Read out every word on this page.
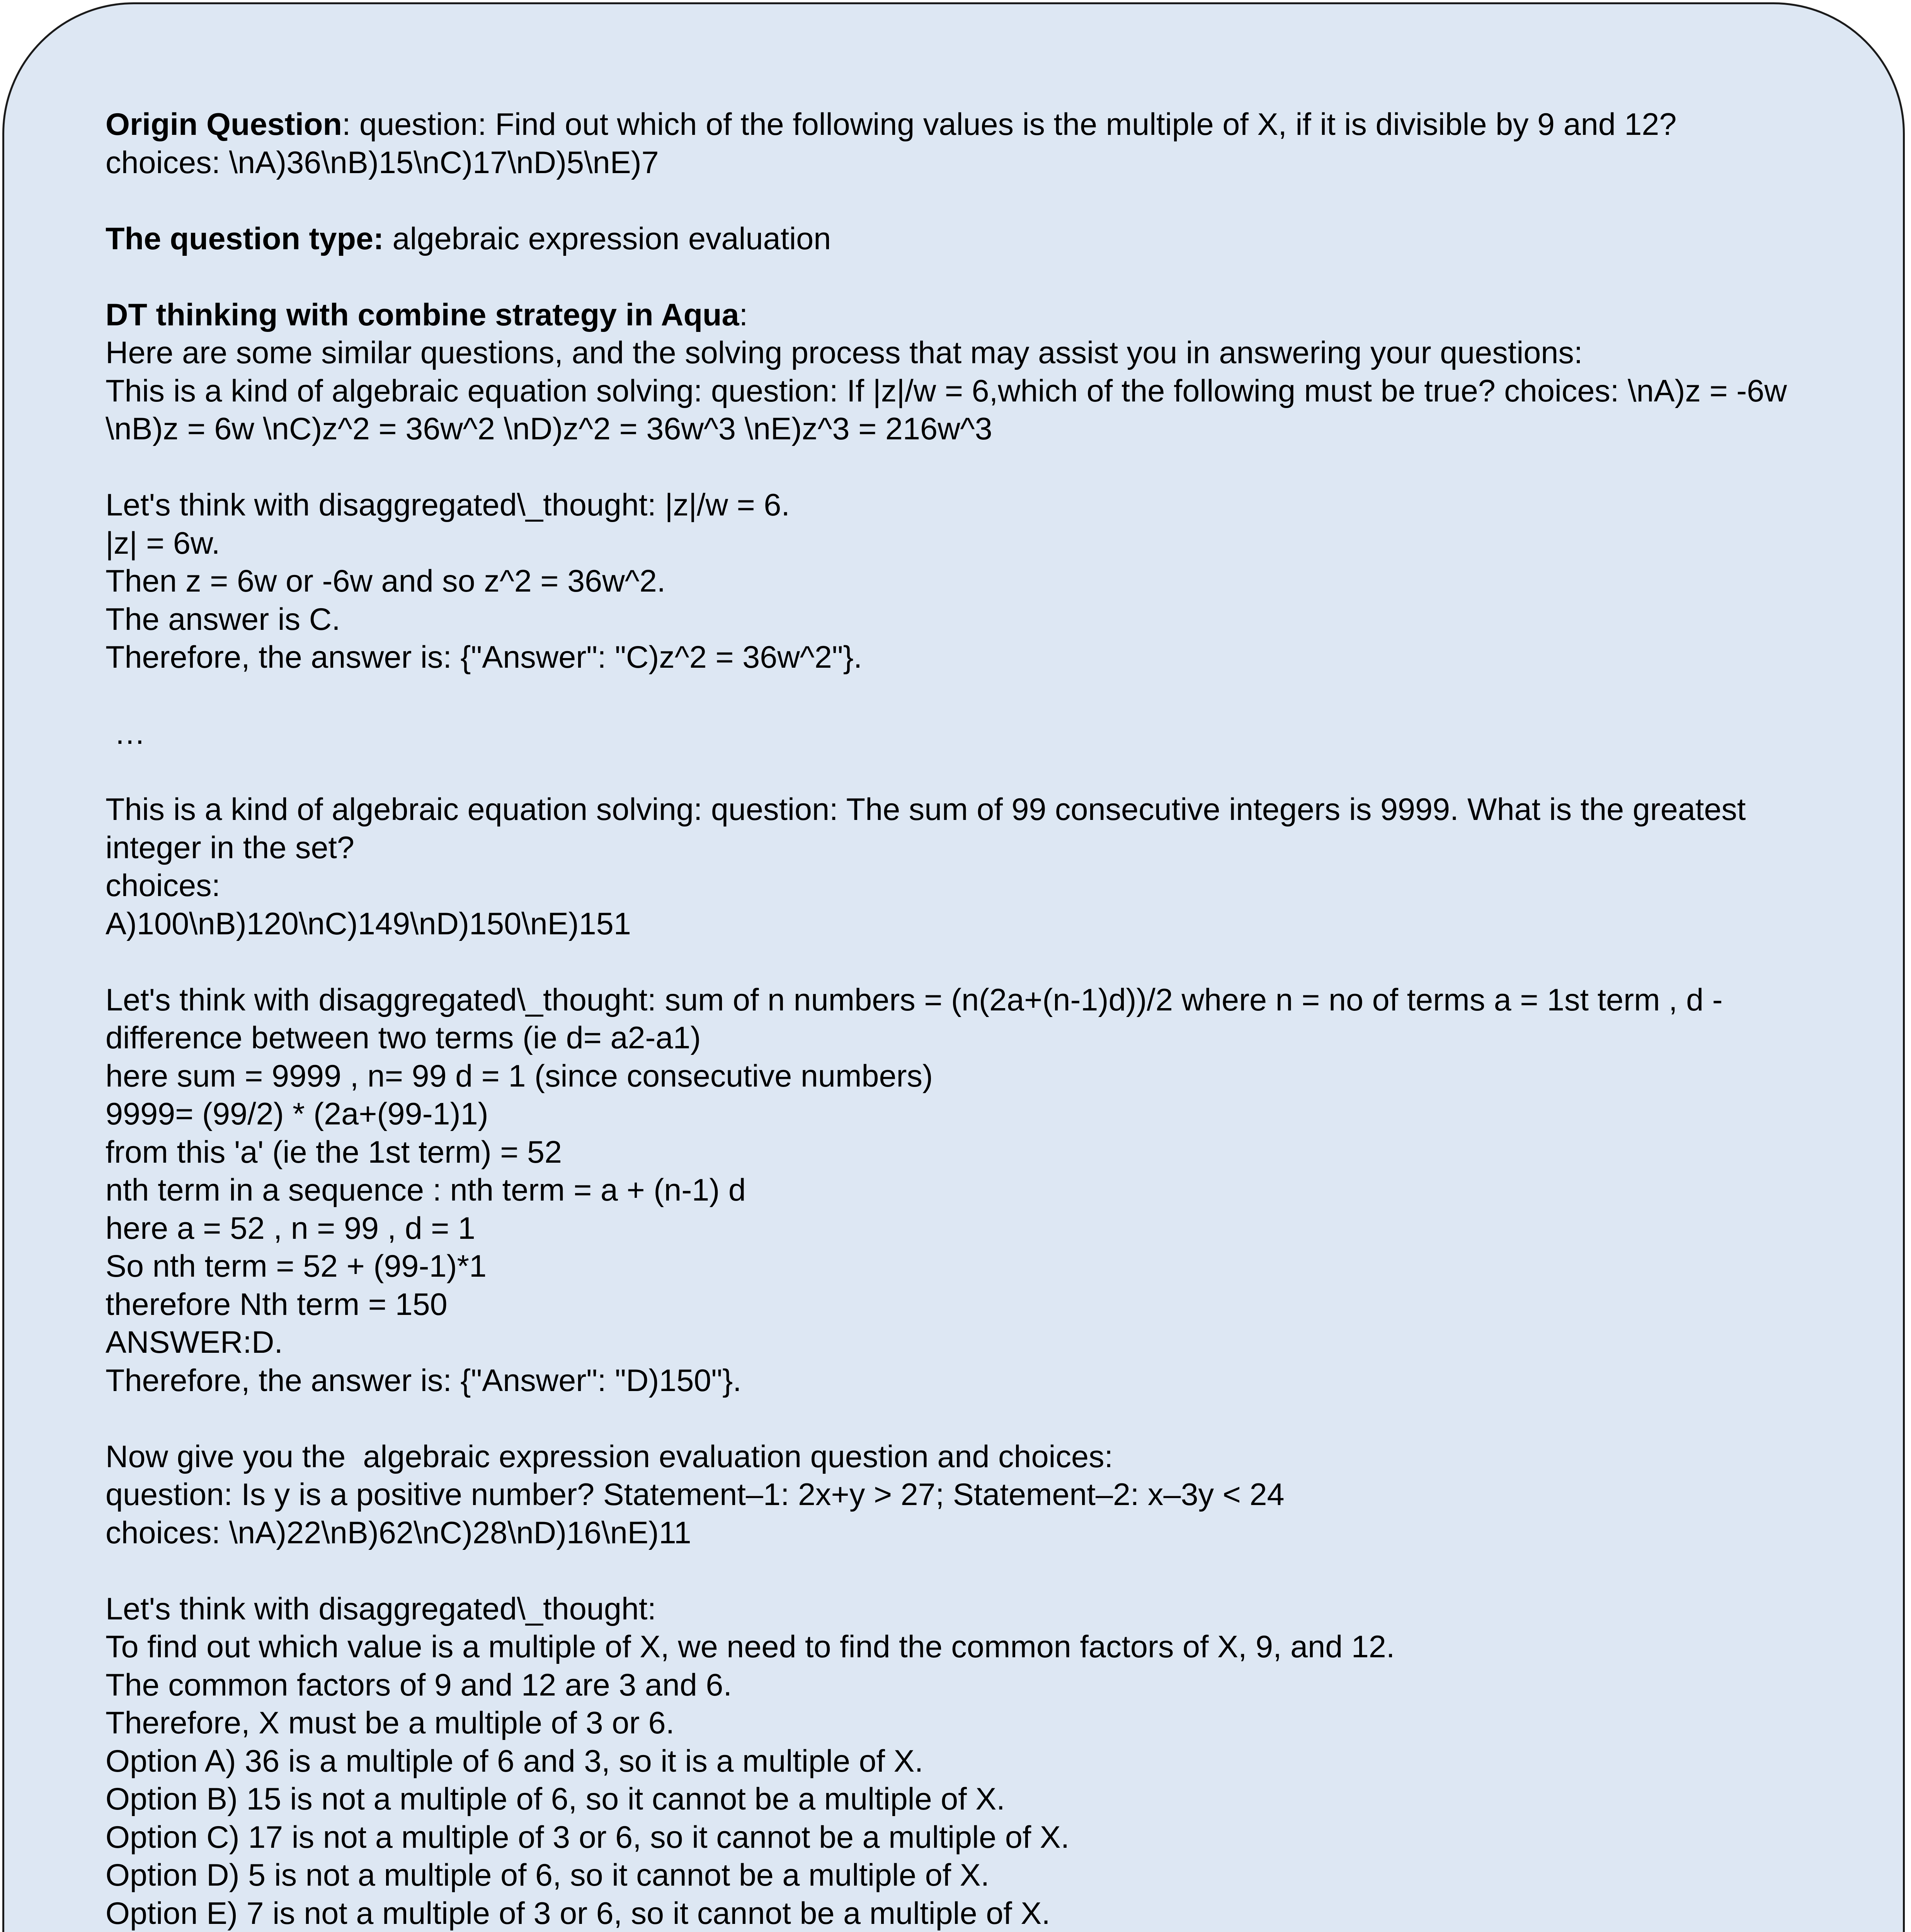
Origin Question: question: Find out which of the following values is the multiple of X, if it is divisible by 9 and 12?
choices: \nA)36\nB)15\nC)17\nD)5\nE)7
The question type: algebraic expression evaluation
DT thinking with combine strategy in Aqua:
Here are some similar questions, and the solving process that may assist you in answering your questions:
This is a kind of algebraic equation solving: question: If |z|/w = 6,which of the following must be true? choices: \nA)z = -6w
\nB)z = 6w \nC)z^2 = 36w^2 \nD)z^2 = 36w^3 \nE)z^3 = 216w^3
Let's think with disaggregated\_thought: |z|/w = 6.
|z| = 6w.
Then z = 6w or -6w and so z^2 = 36w^2.
The answer is C.
Therefore, the answer is: {"Answer": "C)z^2 = 36w^2"}.
…
This is a kind of algebraic equation solving: question: The sum of 99 consecutive integers is 9999. What is the greatest
integer in the set?
choices:
A)100\nB)120\nC)149\nD)150\nE)151
Let's think with disaggregated\_thought: sum of n numbers = (n(2a+(n-1)d))/2 where n = no of terms a = 1st term , d -
difference between two terms (ie d= a2-a1)
here sum = 9999 , n= 99 d = 1 (since consecutive numbers)
9999= (99/2) * (2a+(99-1)1)
from this 'a' (ie the 1st term) = 52
nth term in a sequence : nth term = a + (n-1) d
here a = 52 , n = 99 , d = 1
So nth term = 52 + (99-1)*1
therefore Nth term = 150
ANSWER:D.
Therefore, the answer is: {"Answer": "D)150"}.
Now give you the  algebraic expression evaluation question and choices:
question: Is y is a positive number? Statement–1: 2x+y > 27; Statement–2: x–3y < 24
choices: \nA)22\nB)62\nC)28\nD)16\nE)11
Let's think with disaggregated\_thought:
To find out which value is a multiple of X, we need to find the common factors of X, 9, and 12.
The common factors of 9 and 12 are 3 and 6.
Therefore, X must be a multiple of 3 or 6.
Option A) 36 is a multiple of 6 and 3, so it is a multiple of X.
Option B) 15 is not a multiple of 6, so it cannot be a multiple of X.
Option C) 17 is not a multiple of 3 or 6, so it cannot be a multiple of X.
Option D) 5 is not a multiple of 6, so it cannot be a multiple of X.
Option E) 7 is not a multiple of 3 or 6, so it cannot be a multiple of X.
